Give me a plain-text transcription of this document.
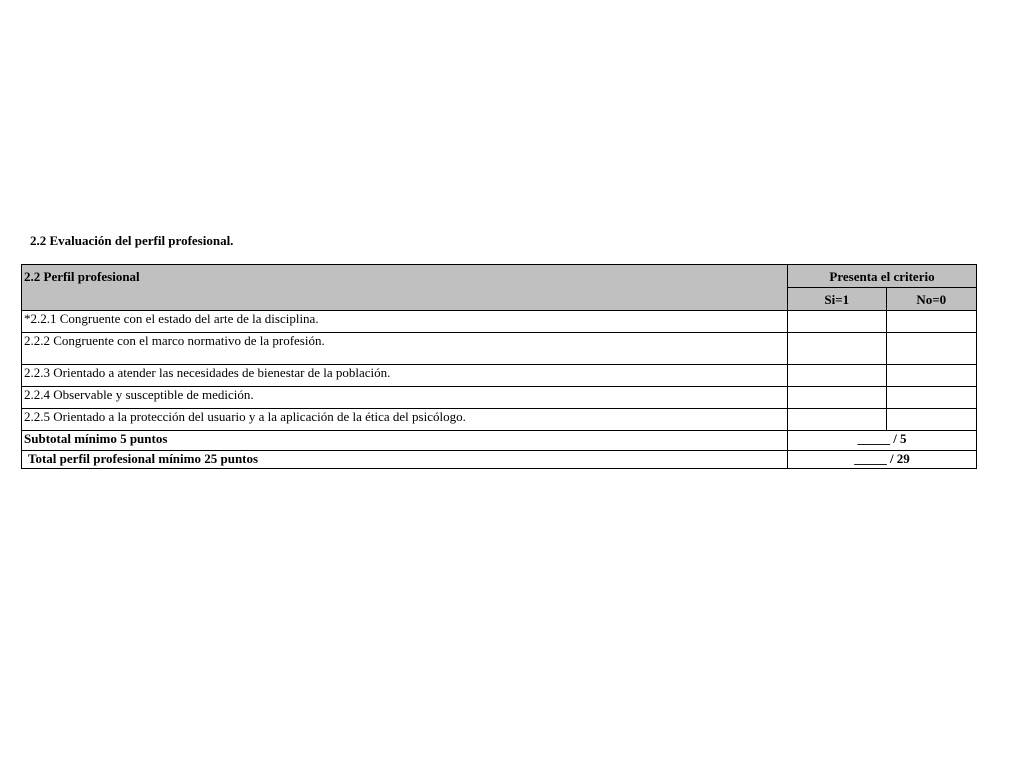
2.2 Evaluación del perfil profesional.
2.2 Perfil profesional	Presenta el criterio	
	Si=1	No=0
*2.2.1 Congruente con el estado del arte de la disciplina.		
2.2.2 Congruente con el marco normativo de la profesión.		
2.2.3 Orientado a atender las necesidades de bienestar de la población.		
2.2.4 Observable y susceptible de medición.		
2.2.5 Orientado a la protección del usuario y a la aplicación de la ética del psicólogo.		
Subtotal mínimo 5 puntos	_____ / 5	
Total perfil profesional mínimo 25 puntos	_____ / 29	
